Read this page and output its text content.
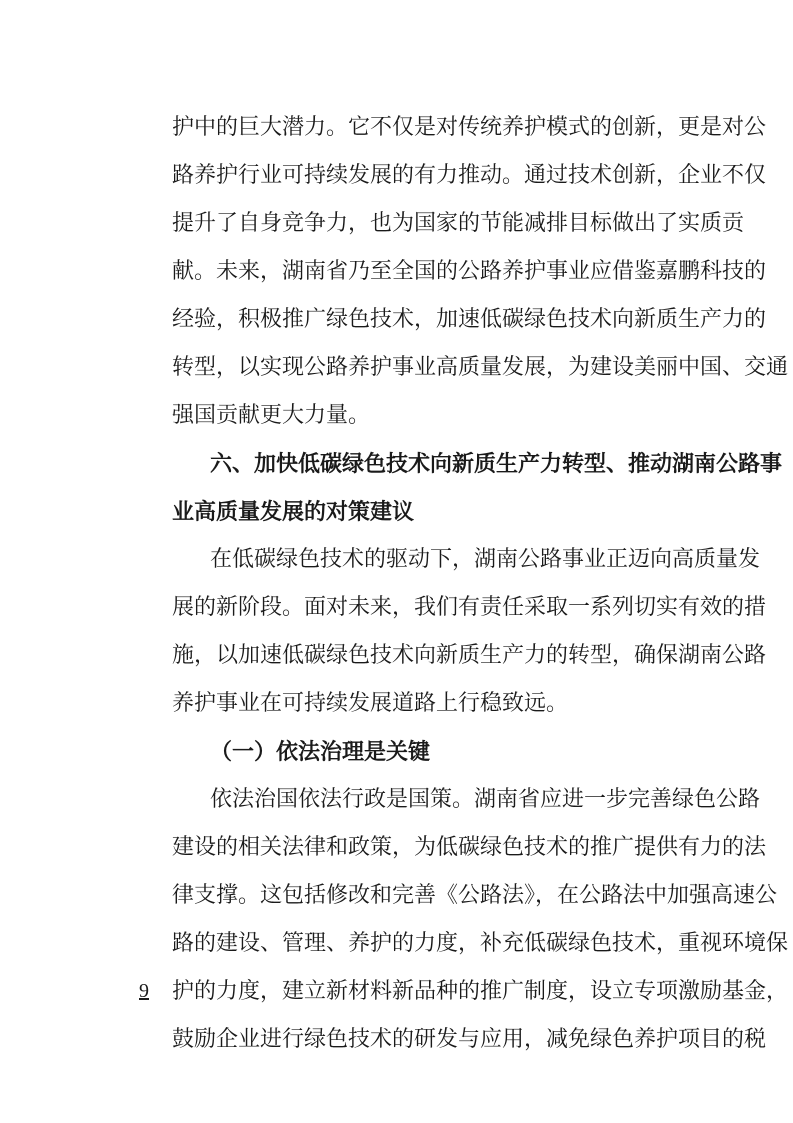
护中的巨大潜力。它不仅是对传统养护模式的创新，更是对公
路养护行业可持续发展的有力推动。通过技术创新，企业不仅
提升了自身竞争力，也为国家的节能减排目标做出了实质贡
献。未来，湖南省乃至全国的公路养护事业应借鉴嘉鹏科技的
经验，积极推广绿色技术，加速低碳绿色技术向新质生产力的
转型，以实现公路养护事业高质量发展，为建设美丽中国、交通
强国贡献更大力量。
六、加快低碳绿色技术向新质生产力转型、推动湖南公路事
业高质量发展的对策建议
在低碳绿色技术的驱动下，湖南公路事业正迈向高质量发
展的新阶段。面对未来，我们有责任采取一系列切实有效的措
施，以加速低碳绿色技术向新质生产力的转型，确保湖南公路
养护事业在可持续发展道路上行稳致远。
（一）依法治理是关键
依法治国依法行政是国策。湖南省应进一步完善绿色公路
建设的相关法律和政策，为低碳绿色技术的推广提供有力的法
律支撑。这包括修改和完善《公路法》，在公路法中加强高速公
路的建设、管理、养护的力度，补充低碳绿色技术，重视环境保
护的力度，建立新材料新品种的推广制度，设立专项激励基金，
鼓励企业进行绿色技术的研发与应用，减免绿色养护项目的税
9
